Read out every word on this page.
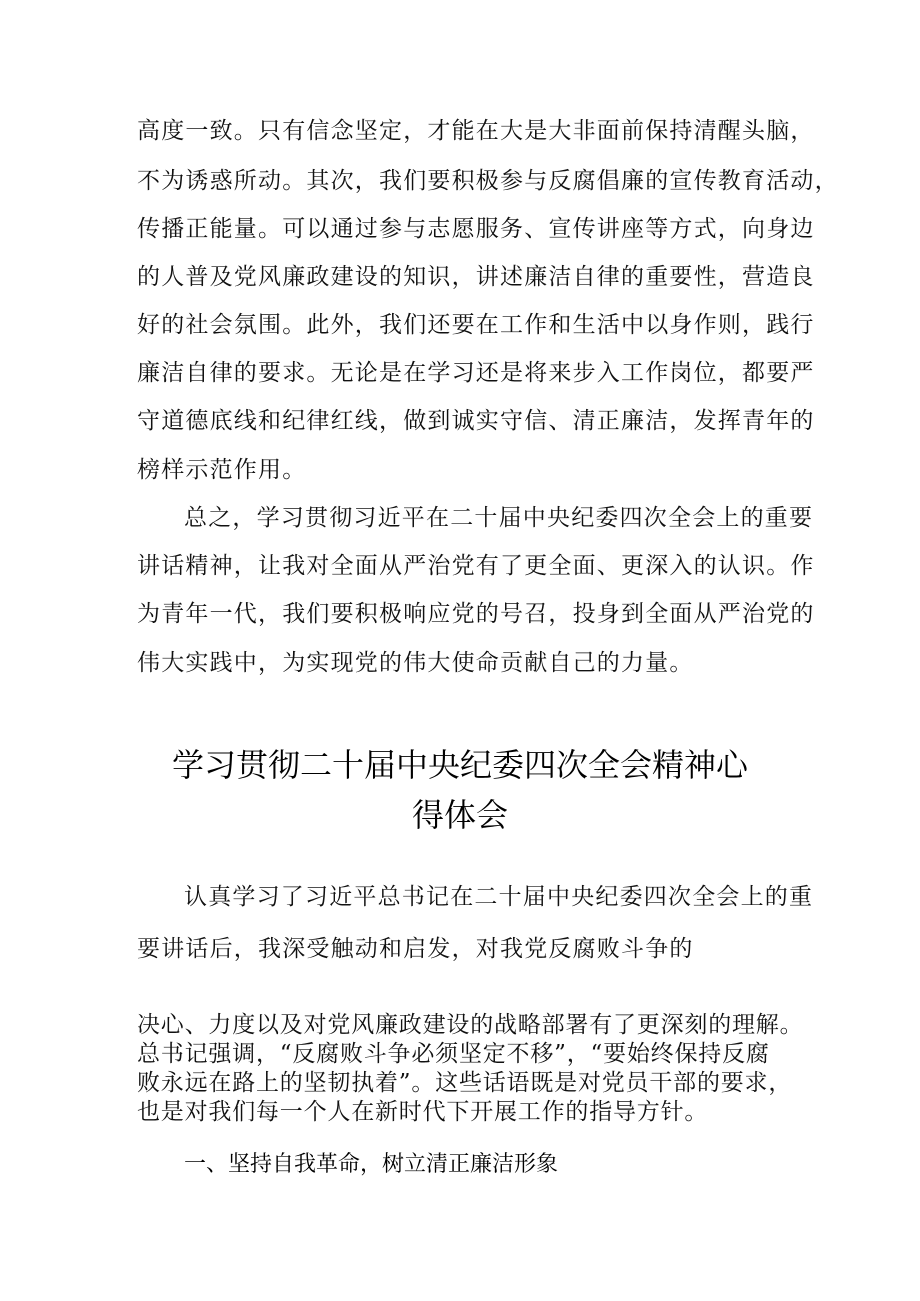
高度一致。只有信念坚定，才能在大是大非面前保持清醒头脑，
不为诱惑所动。其次，我们要积极参与反腐倡廉的宣传教育活动，
传播正能量。可以通过参与志愿服务、宣传讲座等方式，向身边
的人普及党风廉政建设的知识，讲述廉洁自律的重要性，营造良
好的社会氛围。此外，我们还要在工作和生活中以身作则，践行
廉洁自律的要求。无论是在学习还是将来步入工作岗位，都要严
守道德底线和纪律红线，做到诚实守信、清正廉洁，发挥青年的
榜样示范作用。
总之，学习贯彻习近平在二十届中央纪委四次全会上的重要
讲话精神，让我对全面从严治党有了更全面、更深入的认识。作
为青年一代，我们要积极响应党的号召，投身到全面从严治党的
伟大实践中，为实现党的伟大使命贡献自己的力量。
学习贯彻二十届中央纪委四次全会精神心
得体会
认真学习了习近平总书记在二十届中央纪委四次全会上的重
要讲话后，我深受触动和启发，对我党反腐败斗争的
决心、力度以及对党风廉政建设的战略部署有了更深刻的理解。
总书记强调，“反腐败斗争必须坚定不移”，“要始终保持反腐
败永远在路上的坚韧执着”。这些话语既是对党员干部的要求，
也是对我们每一个人在新时代下开展工作的指导方针。
一、坚持自我革命，树立清正廉洁形象
